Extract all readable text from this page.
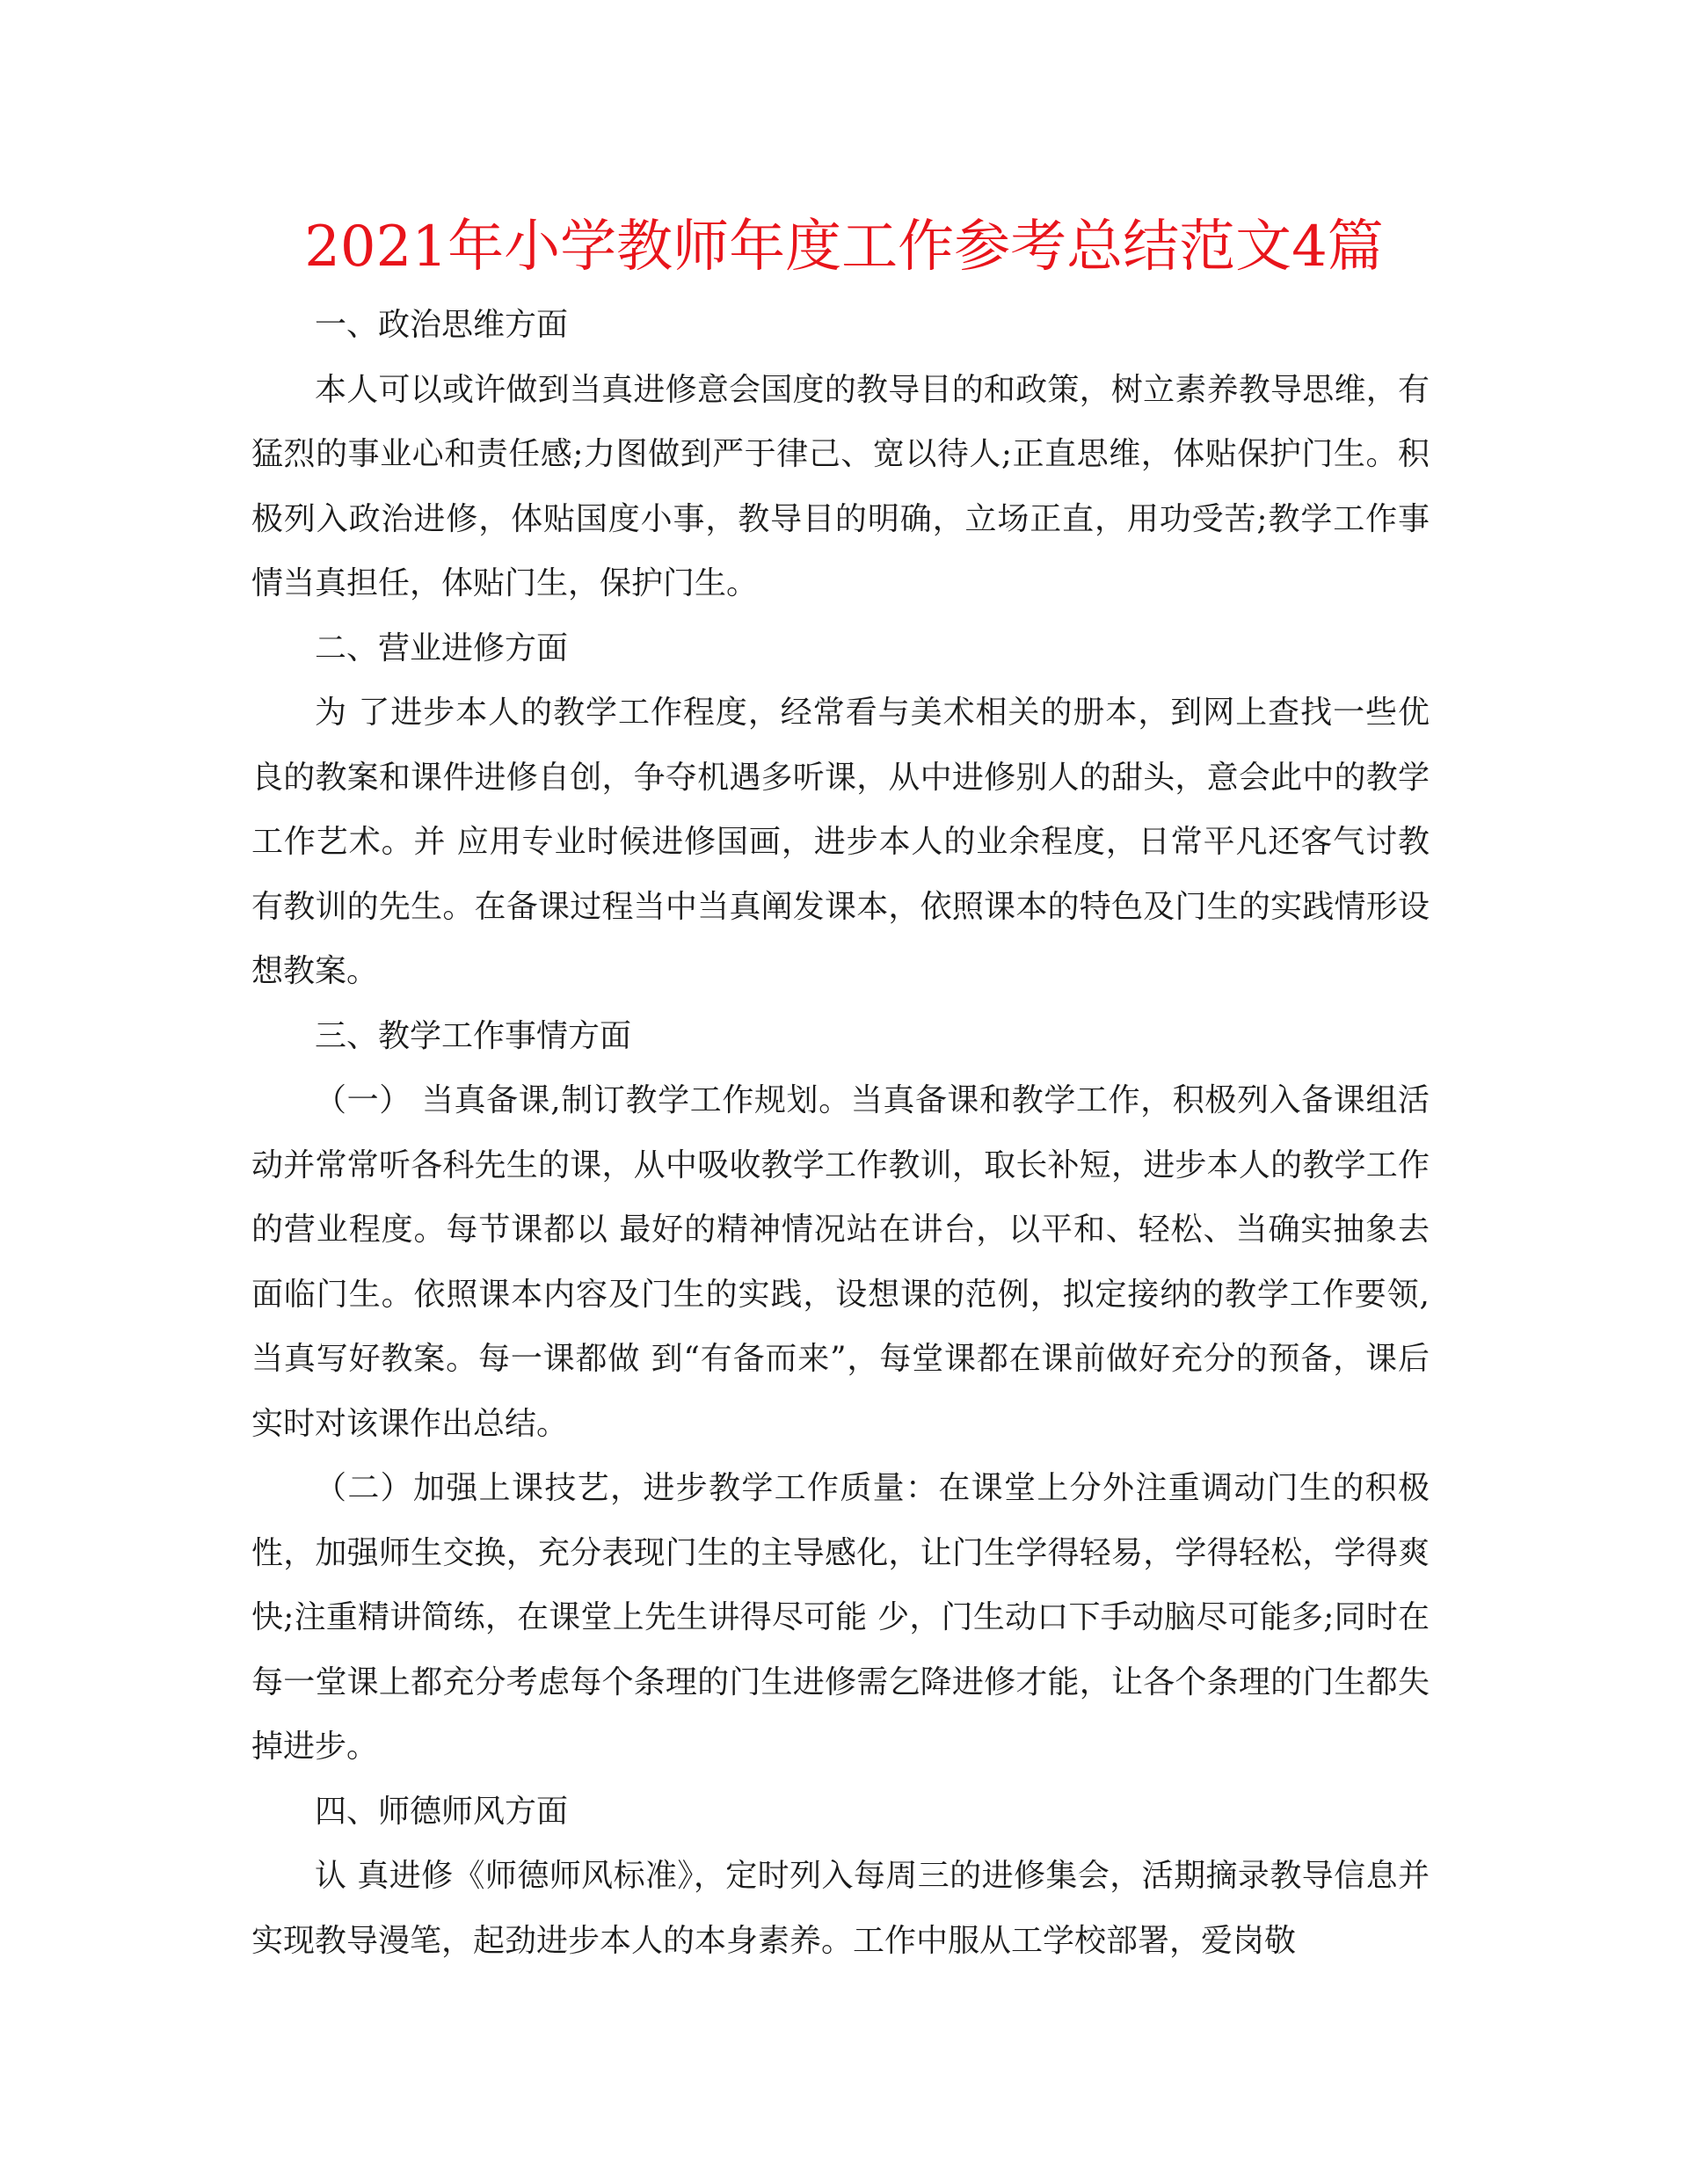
2021年小学教师年度工作参考总结范文4篇

一、政治思维方面

本人可以或许做到当真进修意会国度的教导目的和政策，树立素养教导思维，有猛烈的事业心和责任感;力图做到严于律己、宽以待人;正直思维，体贴保护门生。积极列入政治进修，体贴国度小事，教导目的明确，立场正直，用功受苦;教学工作事情当真担任，体贴门生，保护门生。

二、营业进修方面

为 了进步本人的教学工作程度，经常看与美术相关的册本，到网上查找一些优良的教案和课件进修自创，争夺机遇多听课，从中进修别人的甜头，意会此中的教学工作艺术。并 应用专业时候进修国画，进步本人的业余程度，日常平凡还客气讨教有教训的先生。在备课过程当中当真阐发课本，依照课本的特色及门生的实践情形设想教案。

三、教学工作事情方面

（一） 当真备课,制订教学工作规划。当真备课和教学工作，积极列入备课组活动并常常听各科先生的课，从中吸收教学工作教训，取长补短，进步本人的教学工作的营业程度。每节课都以 最好的精神情况站在讲台，以平和、轻松、当确实抽象去面临门生。依照课本内容及门生的实践，设想课的范例，拟定接纳的教学工作要领,当真写好教案。每一课都做 到“有备而来”，每堂课都在课前做好充分的预备，课后实时对该课作出总结。

（二）加强上课技艺，进步教学工作质量：在课堂上分外注重调动门生的积极性，加强师生交换，充分表现门生的主导感化，让门生学得轻易，学得轻松，学得爽快;注重精讲简练，在课堂上先生讲得尽可能 少，门生动口下手动脑尽可能多;同时在每一堂课上都充分考虑每个条理的门生进修需乞降进修才能，让各个条理的门生都失掉进步。

四、师德师风方面

认 真进修《师德师风标准》，定时列入每周三的进修集会，活期摘录教导信息并实现教导漫笔，起劲进步本人的本身素养。工作中服从工学校部署，爱岗敬
